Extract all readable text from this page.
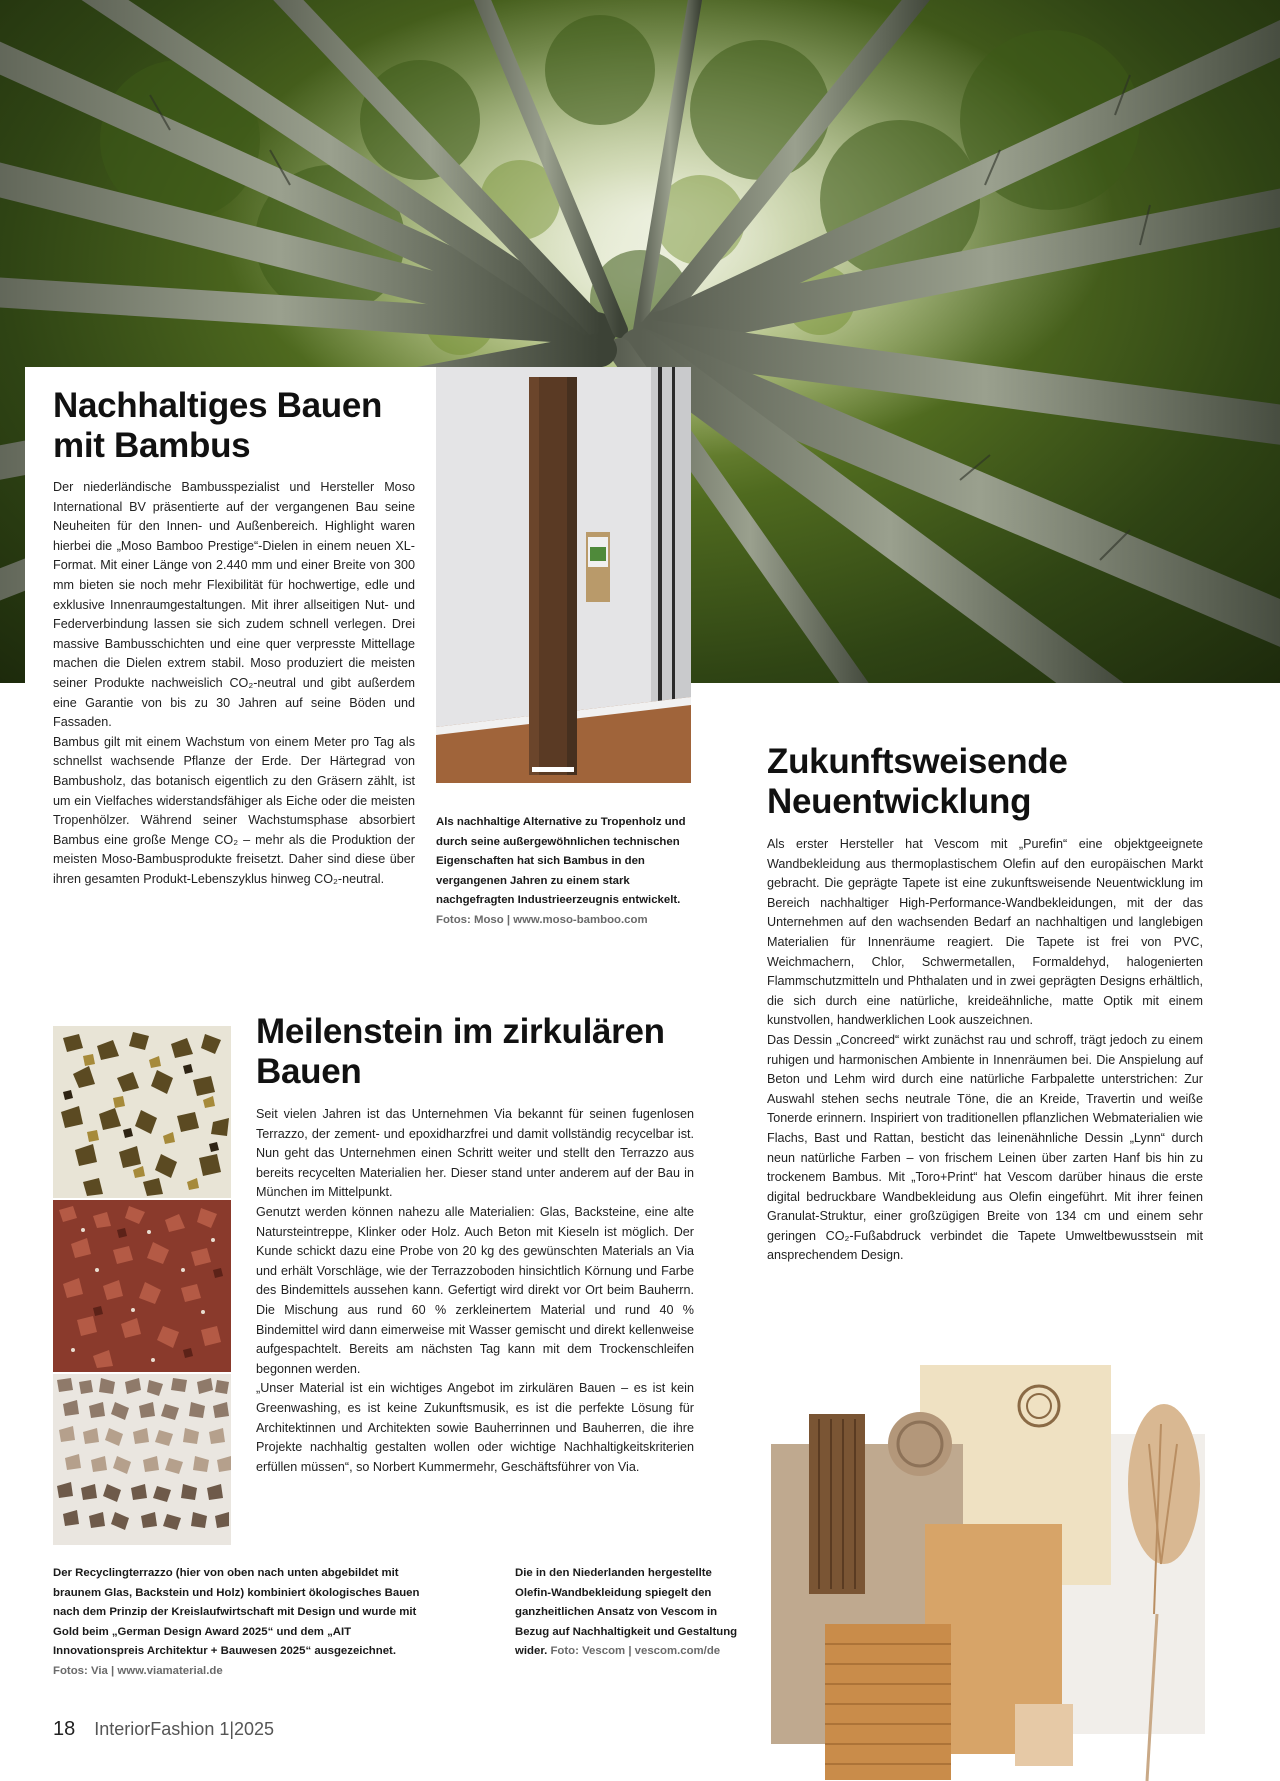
Nachhaltiges Bauen
mit Bambus

Der niederländische Bambusspezialist und Hersteller Moso International BV präsentierte auf der vergangenen Bau seine Neuheiten für den Innen- und Außenbereich. Highlight waren hierbei die „Moso Bamboo Prestige“-Dielen in einem neuen XL-Format. Mit einer Länge von 2.440 mm und einer Breite von 300 mm bieten sie noch mehr Flexibilität für hochwertige, edle und exklusive Innenraumgestaltungen. Mit ihrer allseitigen Nut- und Federverbindung lassen sie sich zudem schnell verlegen. Drei massive Bambusschichten und eine quer verpresste Mittellage machen die Dielen extrem stabil. Moso produziert die meisten seiner Produkte nachweislich CO₂-neutral und gibt außerdem eine Garantie von bis zu 30 Jahren auf seine Böden und Fassaden.

Bambus gilt mit einem Wachstum von einem Meter pro Tag als schnellst wachsende Pflanze der Erde. Der Härtegrad von Bambusholz, das botanisch eigentlich zu den Gräsern zählt, ist um ein Vielfaches widerstandsfähiger als Eiche oder die meisten Tropenhölzer. Während seiner Wachstumsphase absorbiert Bambus eine große Menge CO₂ – mehr als die Produktion der meisten Moso-Bambusprodukte freisetzt. Daher sind diese über ihren gesamten Produkt-Lebenszyklus hinweg CO₂-neutral.

Als nachhaltige Alternative zu Tropenholz und durch seine außergewöhnlichen technischen Eigenschaften hat sich Bambus in den vergangenen Jahren zu einem stark nachgefragten Industrieerzeugnis entwickelt. Fotos: Moso | www.moso-bamboo.com
Zukunftsweisende
Neuentwicklung

Als erster Hersteller hat Vescom mit „Purefin“ eine objektgeeignete Wandbekleidung aus thermoplastischem Olefin auf den europäischen Markt gebracht. Die geprägte Tapete ist eine zukunftsweisende Neuentwicklung im Bereich nachhaltiger High-Performance-Wandbekleidungen, mit der das Unternehmen auf den wachsenden Bedarf an nachhaltigen und langlebigen Materialien für Innenräume reagiert. Die Tapete ist frei von PVC, Weichmachern, Chlor, Schwermetallen, Formaldehyd, halogenierten Flammschutzmitteln und Phthalaten und in zwei geprägten Designs erhältlich, die sich durch eine natürliche, kreideähnliche, matte Optik mit einem kunstvollen, handwerklichen Look auszeichnen.

Das Dessin „Concreed“ wirkt zunächst rau und schroff, trägt jedoch zu einem ruhigen und harmonischen Ambiente in Innenräumen bei. Die Anspielung auf Beton und Lehm wird durch eine natürliche Farbpalette unterstrichen: Zur Auswahl stehen sechs neutrale Töne, die an Kreide, Travertin und weiße Tonerde erinnern. Inspiriert von traditionellen pflanzlichen Webmaterialien wie Flachs, Bast und Rattan, besticht das leinenähnliche Dessin „Lynn“ durch neun natürliche Farben – von frischem Leinen über zarten Hanf bis hin zu trockenem Bambus. Mit „Toro+Print“ hat Vescom darüber hinaus die erste digital bedruckbare Wandbekleidung aus Olefin eingeführt. Mit ihrer feinen Granulat-Struktur, einer großzügigen Breite von 134 cm und einem sehr geringen CO₂-Fußabdruck verbindet die Tapete Umweltbewusstsein mit ansprechendem Design.

Meilenstein im zirkulären
Bauen

Seit vielen Jahren ist das Unternehmen Via bekannt für seinen fugenlosen Terrazzo, der zement- und epoxidharzfrei und damit vollständig recycelbar ist. Nun geht das Unternehmen einen Schritt weiter und stellt den Terrazzo aus bereits recycelten Materialien her. Dieser stand unter anderem auf der Bau in München im Mittelpunkt.

Genutzt werden können nahezu alle Materialien: Glas, Backsteine, eine alte Natursteintreppe, Klinker oder Holz. Auch Beton mit Kieseln ist möglich. Der Kunde schickt dazu eine Probe von 20 kg des gewünschten Materials an Via und erhält Vorschläge, wie der Terrazzoboden hinsichtlich Körnung und Farbe des Bindemittels aussehen kann. Gefertigt wird direkt vor Ort beim Bauherrn. Die Mischung aus rund 60 % zerkleinertem Material und rund 40 % Bindemittel wird dann eimerweise mit Wasser gemischt und direkt kellenweise aufgespachtelt. Bereits am nächsten Tag kann mit dem Trockenschleifen begonnen werden.

„Unser Material ist ein wichtiges Angebot im zirkulären Bauen – es ist kein Greenwashing, es ist keine Zukunftsmusik, es ist die perfekte Lösung für Architektinnen und Architekten sowie Bauherrinnen und Bauherren, die ihre Projekte nachhaltig gestalten wollen oder wichtige Nachhaltigkeitskriterien erfüllen müssen“, so Norbert Kummermehr, Geschäftsführer von Via.

Der Recyclingterrazzo (hier von oben nach unten abgebildet mit braunem Glas, Backstein und Holz) kombiniert ökologisches Bauen nach dem Prinzip der Kreislaufwirtschaft mit Design und wurde mit Gold beim „German Design Award 2025“ und dem „AIT Innovationspreis Architektur + Bauwesen 2025“ ausgezeichnet. Fotos: Via | www.viamaterial.de
Die in den Niederlanden hergestellte Olefin-Wandbekleidung spiegelt den ganzheitlichen Ansatz von Vescom in Bezug auf Nachhaltigkeit und Gestaltung wider. Foto: Vescom | vescom.com/de
18 InteriorFashion 1|2025
